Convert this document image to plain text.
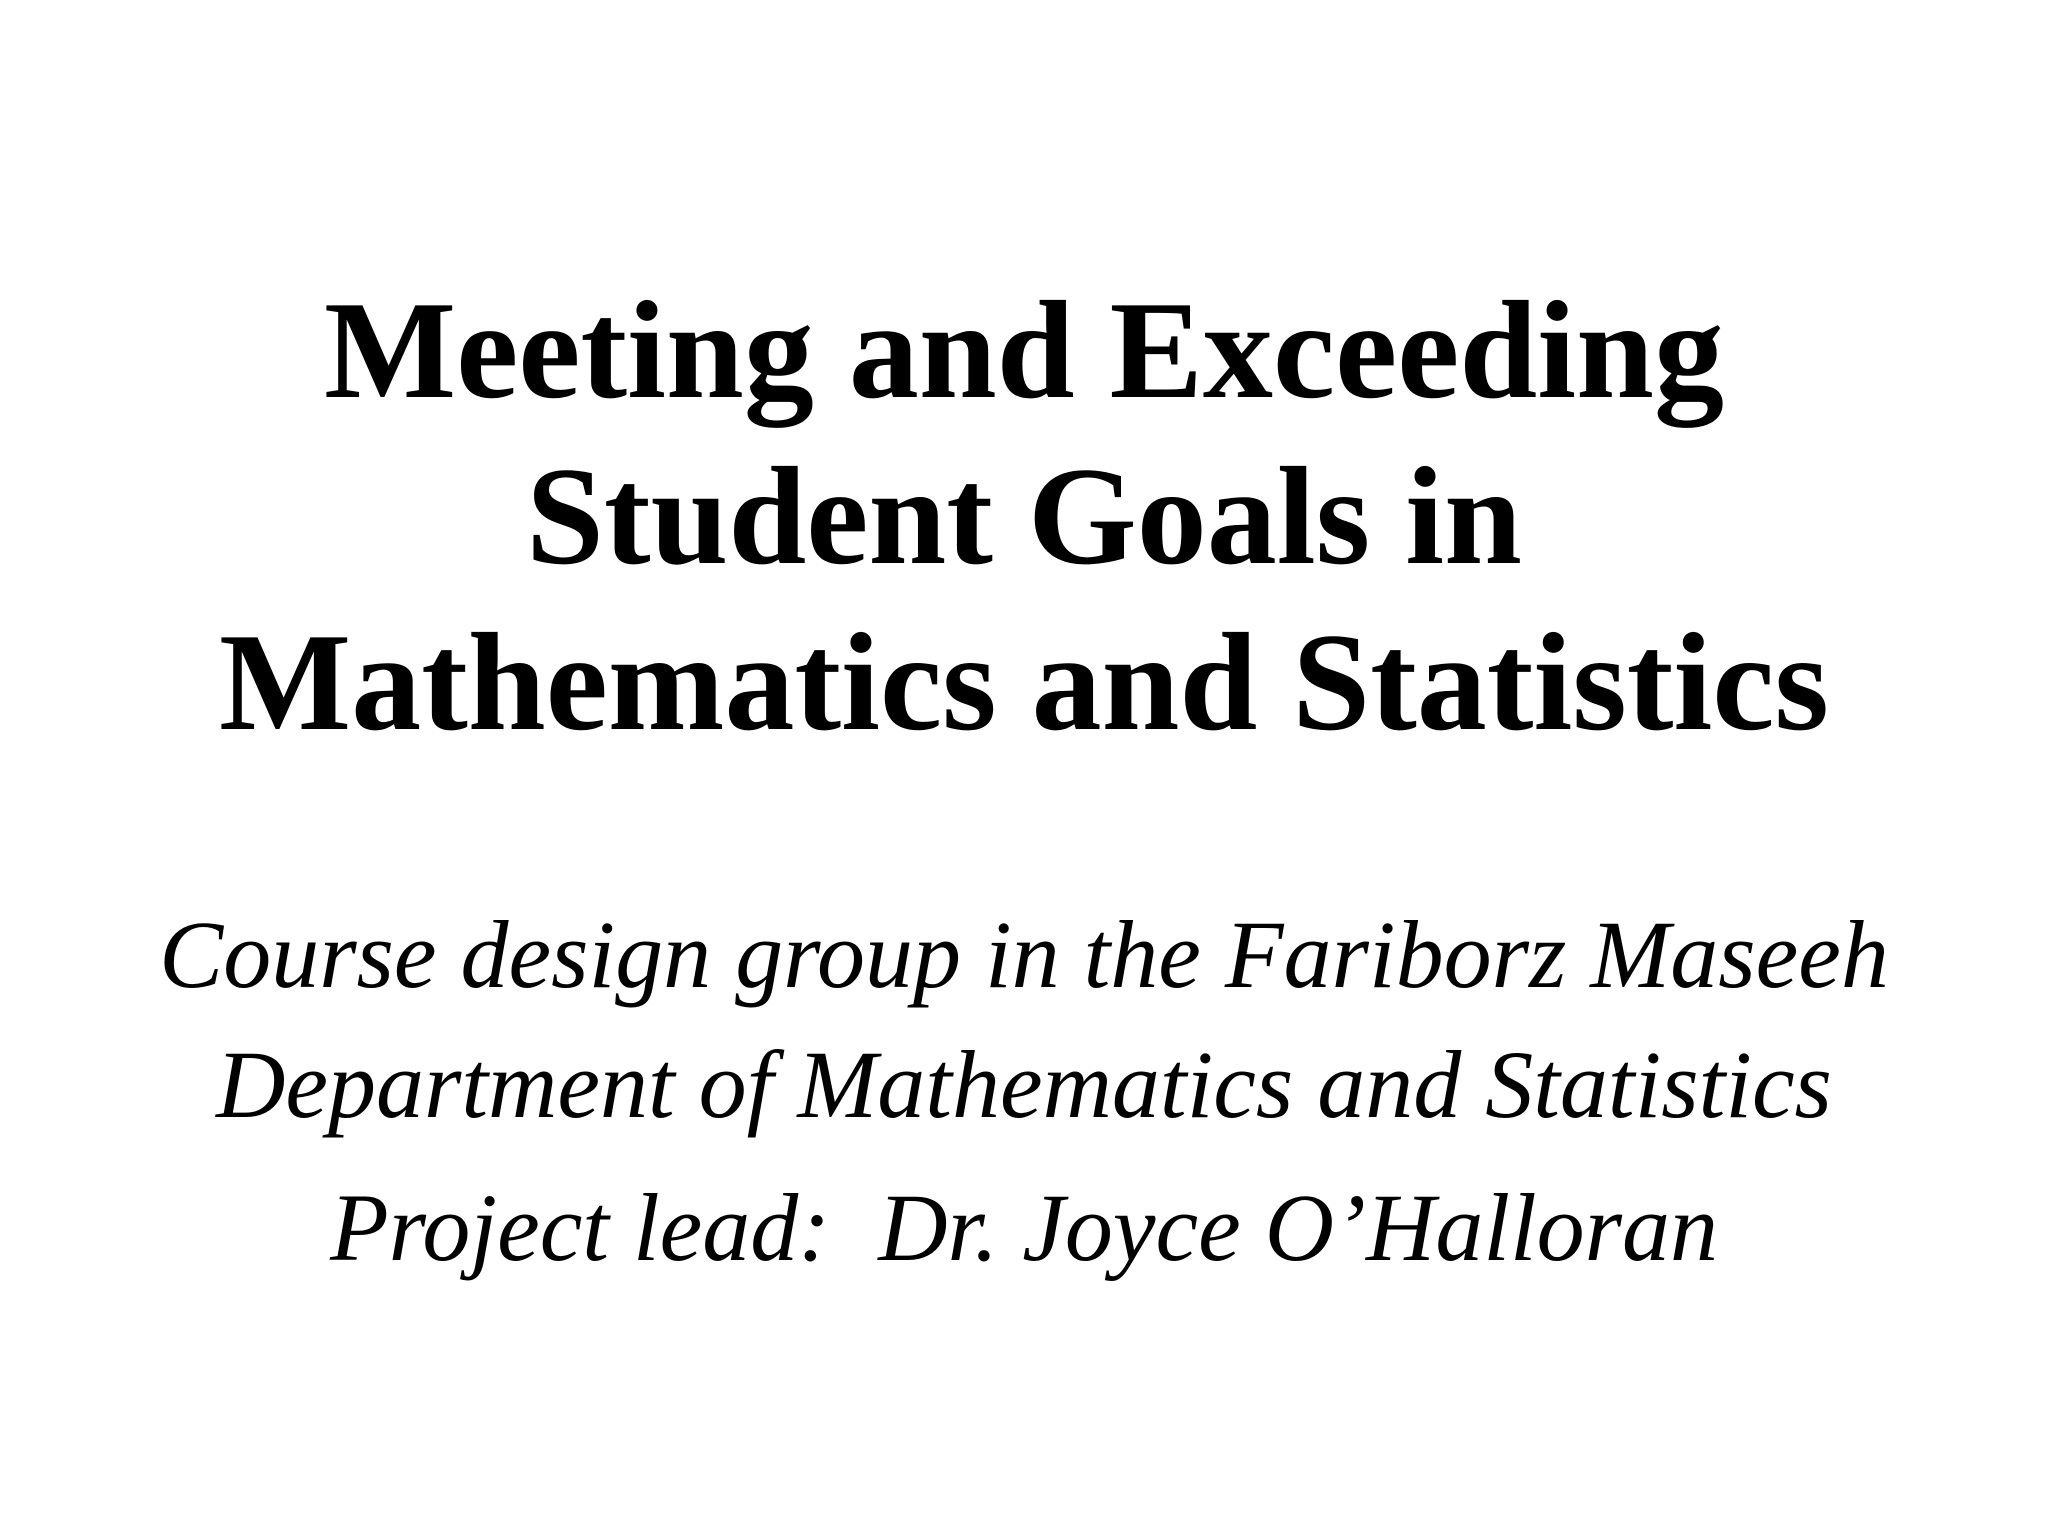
Meeting and Exceeding
Student Goals in
Mathematics and Statistics
Course design group in the Fariborz Maseeh
Department of Mathematics and Statistics
Project lead:  Dr. Joyce O’Halloran
